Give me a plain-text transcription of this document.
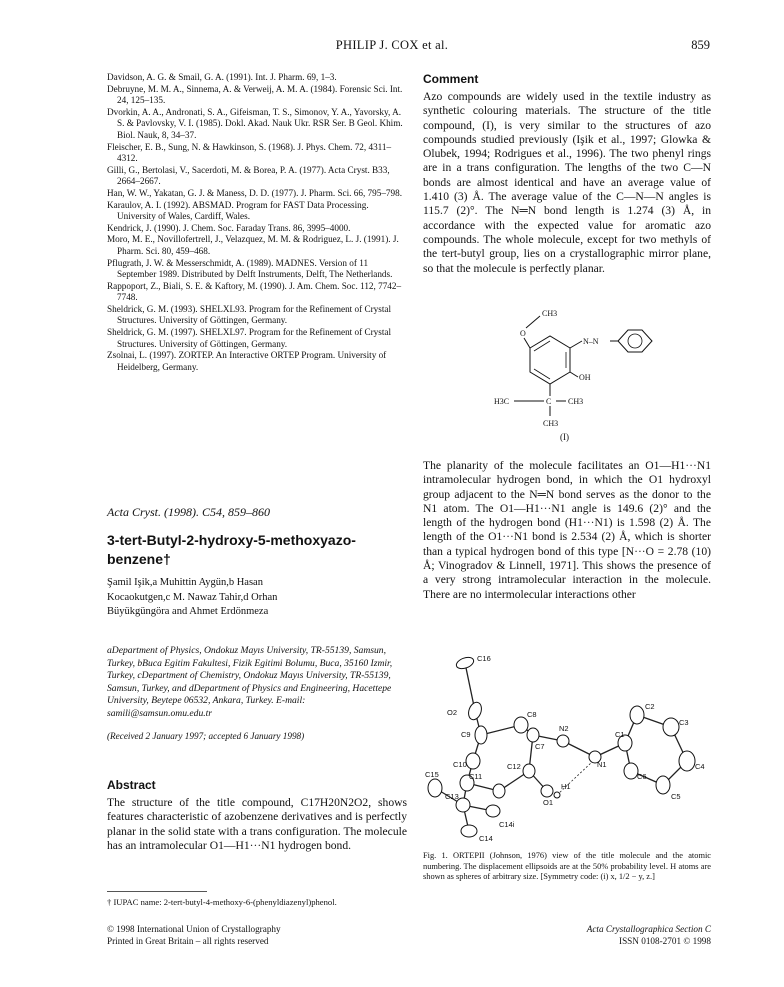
PHILIP J. COX et al.	859

Davidson, A. G. & Smail, G. A. (1991). Int. J. Pharm. 69, 1–3.

Debruyne, M. M. A., Sinnema, A. & Verweij, A. M. A. (1984). Forensic Sci. Int. 24, 125–135.

Dvorkin, A. A., Andronati, S. A., Gifeisman, T. S., Simonov, Y. A., Yavorsky, A. S. & Pavlovsky, V. I. (1985). Dokl. Akad. Nauk Ukr. RSR Ser. B Geol. Khim. Biol. Nauk, 8, 34–37.

Fleischer, E. B., Sung, N. & Hawkinson, S. (1968). J. Phys. Chem. 72, 4311–4312.

Gilli, G., Bertolasi, V., Sacerdoti, M. & Borea, P. A. (1977). Acta Cryst. B33, 2664–2667.

Han, W. W., Yakatan, G. J. & Maness, D. D. (1977). J. Pharm. Sci. 66, 795–798.

Karaulov, A. I. (1992). ABSMAD. Program for FAST Data Processing. University of Wales, Cardiff, Wales.

Kendrick, J. (1990). J. Chem. Soc. Faraday Trans. 86, 3995–4000.

Moro, M. E., Novillofertrell, J., Velazquez, M. M. & Rodriguez, L. J. (1991). J. Pharm. Sci. 80, 459–468.

Pflugrath, J. W. & Messerschmidt, A. (1989). MADNES. Version of 11 September 1989. Distributed by Delft Instruments, Delft, The Netherlands.

Rappoport, Z., Biali, S. E. & Kaftory, M. (1990). J. Am. Chem. Soc. 112, 7742–7748.

Sheldrick, G. M. (1993). SHELXL93. Program for the Refinement of Crystal Structures. University of Göttingen, Germany.

Sheldrick, G. M. (1997). SHELXL97. Program for the Refinement of Crystal Structures. University of Göttingen, Germany.

Zsolnai, L. (1997). ZORTEP. An Interactive ORTEP Program. University of Heidelberg, Germany.

Acta Cryst. (1998). C54, 859–860
3-tert-Butyl-2-hydroxy-5-methoxyazo-
benzene†
Şamil Işik,a Muhittin Aygün,b Hasan
Kocaokutgen,c M. Nawaz Tahir,d Orhan
Büyükgüngöra and Ahmet Erdönmeza
aDepartment of Physics, Ondokuz Mayıs University, TR-55139, Samsun, Turkey, bBuca Egitim Fakultesi, Fizik Egitimi Bolumu, Buca, 35160 Izmir, Turkey, cDepartment of Chemistry, Ondokuz Mayıs University, TR-55139, Samsun, Turkey, and dDepartment of Physics and Engineering, Hacettepe University, Beytepe 06532, Ankara, Turkey. E-mail: samili@samsun.omu.edu.tr
(Received 2 January 1997; accepted 6 January 1998)
Abstract
The structure of the title compound, C17H20N2O2, shows features characteristic of azobenzene derivatives and is perfectly planar in the solid state with a trans configuration. The molecule has an intramolecular O1—H1···N1 hydrogen bond.
† IUPAC name: 2-tert-butyl-4-methoxy-6-(phenyldiazenyl)phenol.
© 1998 International Union of Crystallography
Printed in Great Britain – all rights reserved
Comment
Azo compounds are widely used in the textile industry as synthetic colouring materials. The structure of the title compound, (I), is very similar to the structures of azo compounds studied previously (Işik et al., 1997; Glowka & Olubek, 1994; Rodrigues et al., 1996). The two phenyl rings are in a trans configuration. The lengths of the two C—N bonds are almost identical and have an average value of 1.410 (3) Å. The average value of the C—N—N angles is 115.7 (2)°. The N═N bond length is 1.274 (3) Å, in accordance with the expected value for aromatic azo compounds. The whole molecule, except for two methyls of the tert-butyl group, lies on a crystallographic mirror plane, so that the molecule is perfectly planar.
O
CH3
N–N
OH
H3C	C CH3
CH3
(I)
The planarity of the molecule facilitates an O1—H1···N1 intramolecular hydrogen bond, in which the O1 hydroxyl group adjacent to the N═N bond serves as the donor to the N1 atom. The O1—H1···N1 angle is 149.6 (2)° and the length of the hydrogen bond (H1···N1) is 1.598 (2) Å. The length of the O1···N1 bond is 2.534 (2) Å, which is shorter than a typical hydrogen bond of this type [N···O = 2.78 (10) Å; Vinogradov & Linnell, 1971]. This shows the presence of a very strong intramolecular interaction in the molecule. There are no intermolecular interactions other
C16
O2
C9
C8
C7
N2
C2
C3
C1
C10
C11
C12	N1
C6
C4
C5
H1
O1
C15
C13
C14i
C14
Fig. 1. ORTEPII (Johnson, 1976) view of the title molecule and the atomic numbering. The displacement ellipsoids are at the 50% probability level. H atoms are shown as spheres of arbitrary size. [Symmetry code: (i) x, 1/2 − y, z.]
Acta Crystallographica Section C
ISSN 0108-2701 © 1998
